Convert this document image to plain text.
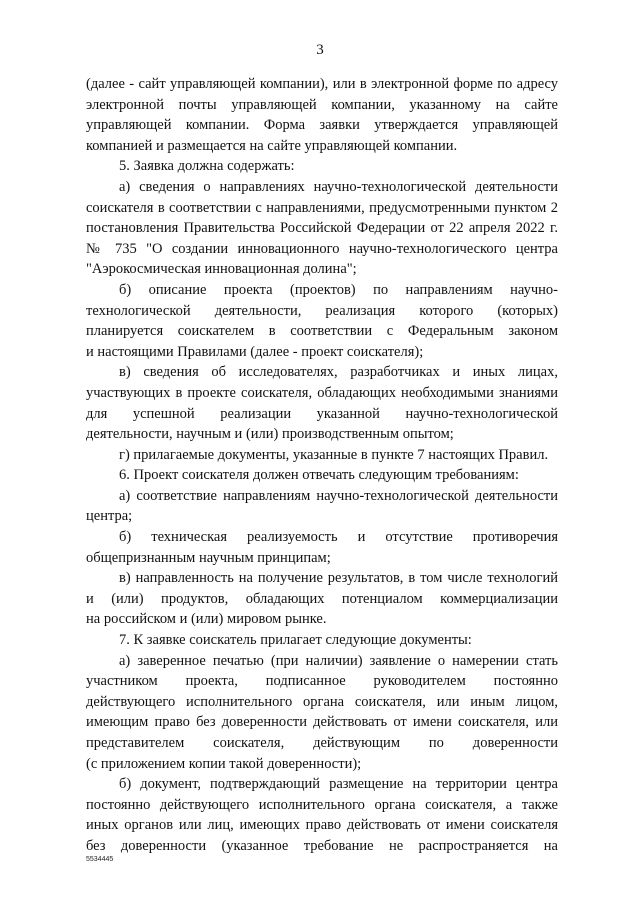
3
(далее - сайт управляющей компании), или в электронной форме по адресу
электронной почты управляющей компании, указанному на сайте
управляющей компании. Форма заявки утверждается управляющей
компанией и размещается на сайте управляющей компании.
5. Заявка должна содержать:
а) сведения о направлениях научно-технологической деятельности
соискателя в соответствии с направлениями, предусмотренными пунктом 2
постановления Правительства Российской Федерации от 22 апреля 2022 г.
№ 735 "О создании инновационного научно-технологического центра
"Аэрокосмическая инновационная долина";
б) описание проекта (проектов) по направлениям научно-
технологической деятельности, реализация которого (которых)
планируется соискателем в соответствии с Федеральным законом
и настоящими Правилами (далее - проект соискателя);
в) сведения об исследователях, разработчиках и иных лицах,
участвующих в проекте соискателя, обладающих необходимыми знаниями
для успешной реализации указанной научно-технологической
деятельности, научным и (или) производственным опытом;
г) прилагаемые документы, указанные в пункте 7 настоящих Правил.
6. Проект соискателя должен отвечать следующим требованиям:
а) соответствие направлениям научно-технологической деятельности
центра;
б) техническая реализуемость и отсутствие противоречия
общепризнанным научным принципам;
в) направленность на получение результатов, в том числе технологий
и (или) продуктов, обладающих потенциалом коммерциализации
на российском и (или) мировом рынке.
7. К заявке соискатель прилагает следующие документы:
а) заверенное печатью (при наличии) заявление о намерении стать
участником проекта, подписанное руководителем постоянно
действующего исполнительного органа соискателя, или иным лицом,
имеющим право без доверенности действовать от имени соискателя, или
представителем соискателя, действующим по доверенности
(с приложением копии такой доверенности);
б) документ, подтверждающий размещение на территории центра
постоянно действующего исполнительного органа соискателя, а также
иных органов или лиц, имеющих право действовать от имени соискателя
без доверенности (указанное требование не распространяется на
5534445
